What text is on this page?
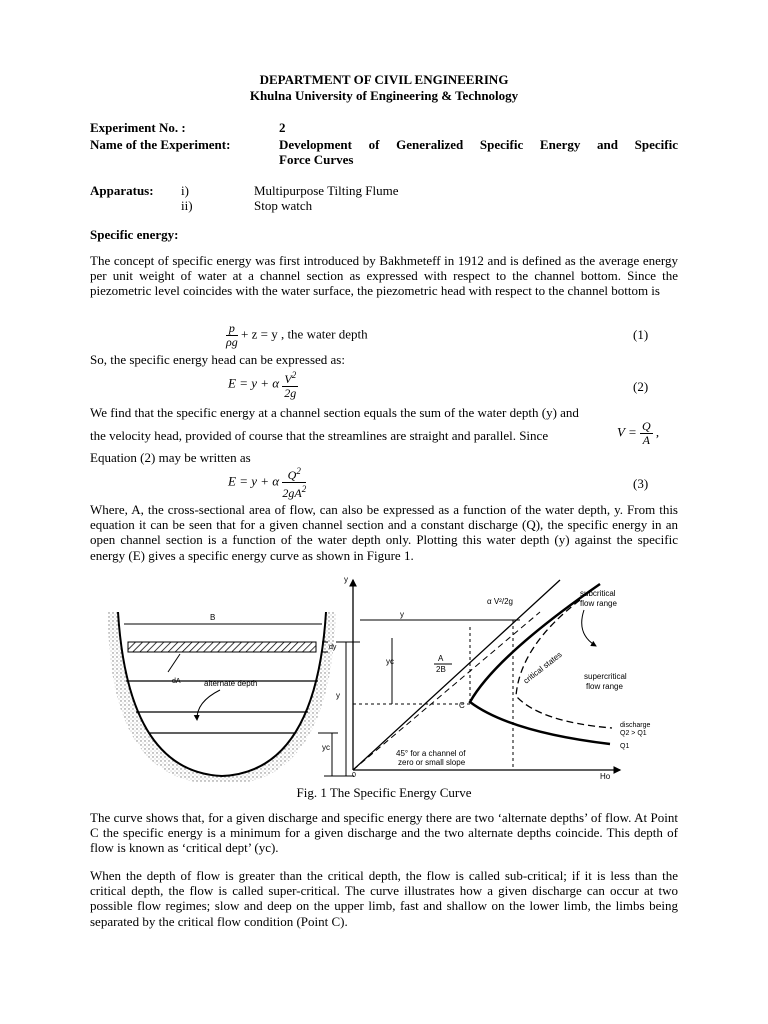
DEPARTMENT OF CIVIL ENGINEERING
Khulna University of Engineering & Technology
Experiment No. :	2
Name of the Experiment:	Development of Generalized Specific Energy and Specific
Force Curves
Apparatus: i)	Multipurpose Tilting Flume
ii)	Stop watch
Specific energy:
The concept of specific energy was first introduced by Bakhmeteff in 1912 and is defined as the average energy per unit weight of water at a channel section as expressed with respect to the channel bottom. Since the piezometric level coincides with the water surface, the piezometric head with respect to the channel bottom is
$\frac{p}{\rho g} + z = y$ , the water depth	(1)
So, the specific energy head can be expressed as:
E = y + α $\frac{V^2}{2g}$	(2)
We find that the specific energy at a channel section equals the sum of the water depth (y) and
the velocity head, provided of course that the streamlines are straight and parallel. Since	$V = \frac{Q}{A}$ ,
Equation (2) may be written as
E = y + α $\frac{Q^2}{2gA^2}$	(3)
Where, A, the cross-sectional area of flow, can also be expressed as a function of the water depth, y. From this equation it can be seen that for a given channel section and a constant discharge (Q), the specific energy in an open channel section is a function of the water depth only. Plotting this water depth (y) against the specific energy (E) gives a specific energy curve as shown in Figure 1.
B
dy
dA	alternate depth
y
yc
y
0	Ho
y
yc	A
2B
α V²/2g
C
subcritical
flow range
critical states	supercritical
flow range
discharge
Q2 > Q1
Q1
45° for a channel of
zero or small slope
Fig. 1 The Specific Energy Curve
The curve shows that, for a given discharge and specific energy there are two ‘alternate depths’ of flow. At Point C the specific energy is a minimum for a given discharge and the two alternate depths coincide. This depth of flow is known as ‘critical dept’ (yc).
When the depth of flow is greater than the critical depth, the flow is called sub-critical; if it is less than the critical depth, the flow is called super-critical. The curve illustrates how a given discharge can occur at two possible flow regimes; slow and deep on the upper limb, fast and shallow on the lower limb, the limbs being separated by the critical flow condition (Point C).
